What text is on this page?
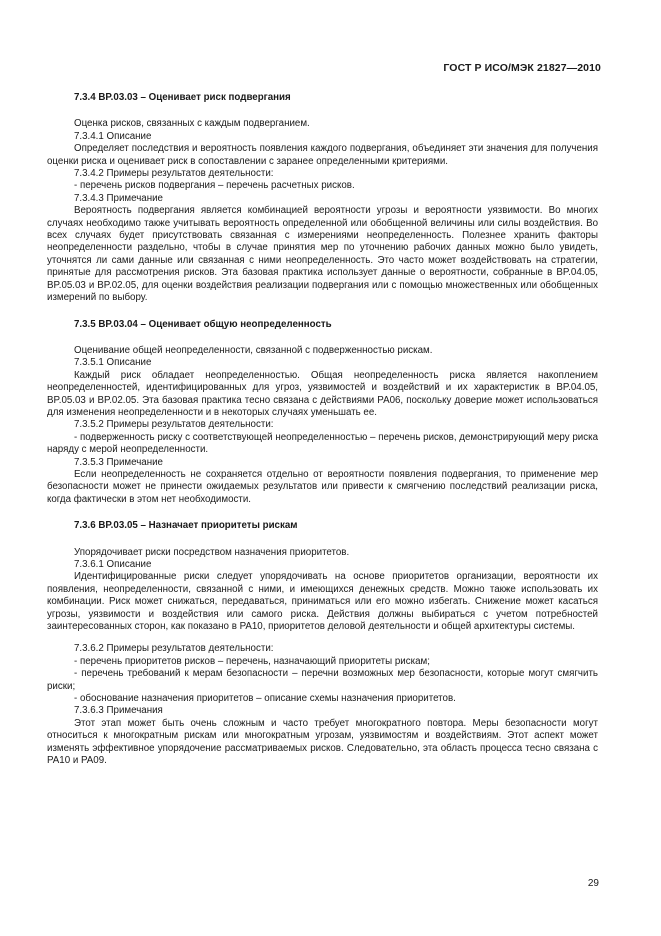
ГОСТ Р ИСО/МЭК 21827—2010
7.3.4 BP.03.03 – Оценивает риск подвергания

Оценка рисков, связанных с каждым подверганием.

7.3.4.1 Описание

Определяет последствия и вероятность появления каждого подвергания, объединяет эти значения для получения оценки риска и оценивает риск в сопоставлении с заранее определенными критериями.

7.3.4.2 Примеры результатов деятельности:

- перечень рисков подвергания – перечень расчетных рисков.

7.3.4.3 Примечание

Вероятность подвергания является комбинацией вероятности угрозы и вероятности уязвимости. Во многих случаях необходимо также учитывать вероятность определенной или обобщенной величины или силы воздействия. Во всех случаях будет присутствовать связанная с измерениями неопределенность. Полезнее хранить факторы неопределенности раздельно, чтобы в случае принятия мер по уточнению рабочих данных можно было увидеть, уточнятся ли сами данные или связанная с ними неопределенность. Это часто может воздействовать на стратегии, принятые для рассмотрения рисков. Эта базовая практика использует данные о вероятности, собранные в BP.04.05, BP.05.03 и BP.02.05, для оценки воздействия реализации подвергания или с помощью множественных или обобщенных измерений по выбору.

7.3.5 BP.03.04 – Оценивает общую неопределенность

Оценивание общей неопределенности, связанной с подверженностью рискам.

7.3.5.1 Описание

Каждый риск обладает неопределенностью. Общая неопределенность риска является накоплением неопределенностей, идентифицированных для угроз, уязвимостей и воздействий и их характеристик в BP.04.05, BP.05.03 и BP.02.05. Эта базовая практика тесно связана с действиями PA06, поскольку доверие может использоваться для изменения неопределенности и в некоторых случаях уменьшать ее.

7.3.5.2 Примеры результатов деятельности:

- подверженность риску с соответствующей неопределенностью – перечень рисков, демонстрирующий меру риска наряду с мерой неопределенности.

7.3.5.3 Примечание

Если неопределенность не сохраняется отдельно от вероятности появления подвергания, то применение мер безопасности может не принести ожидаемых результатов или привести к смягчению последствий реализации риска, когда фактически в этом нет необходимости.

7.3.6 BP.03.05 – Назначает приоритеты рискам

Упорядочивает риски посредством назначения приоритетов.

7.3.6.1 Описание

Идентифицированные риски следует упорядочивать на основе приоритетов организации, вероятности их появления, неопределенности, связанной с ними, и имеющихся денежных средств. Можно также использовать их комбинации. Риск может снижаться, передаваться, приниматься или его можно избегать. Снижение может касаться угрозы, уязвимости и воздействия или самого риска. Действия должны выбираться с учетом потребностей заинтересованных сторон, как показано в PA10, приоритетов деловой деятельности и общей архитектуры системы.

7.3.6.2 Примеры результатов деятельности:

- перечень приоритетов рисков – перечень, назначающий приоритеты рискам;

- перечень требований к мерам безопасности – перечни возможных мер безопасности, которые могут смягчить риски;

- обоснование назначения приоритетов – описание схемы назначения приоритетов.

7.3.6.3 Примечания

Этот этап может быть очень сложным и часто требует многократного повтора. Меры безопасности могут относиться к многократным рискам или многократным угрозам, уязвимостям и воздействиям. Этот аспект может изменять эффективное упорядочение рассматриваемых рисков. Следовательно, эта область процесса тесно связана с PA10 и PA09.

29
